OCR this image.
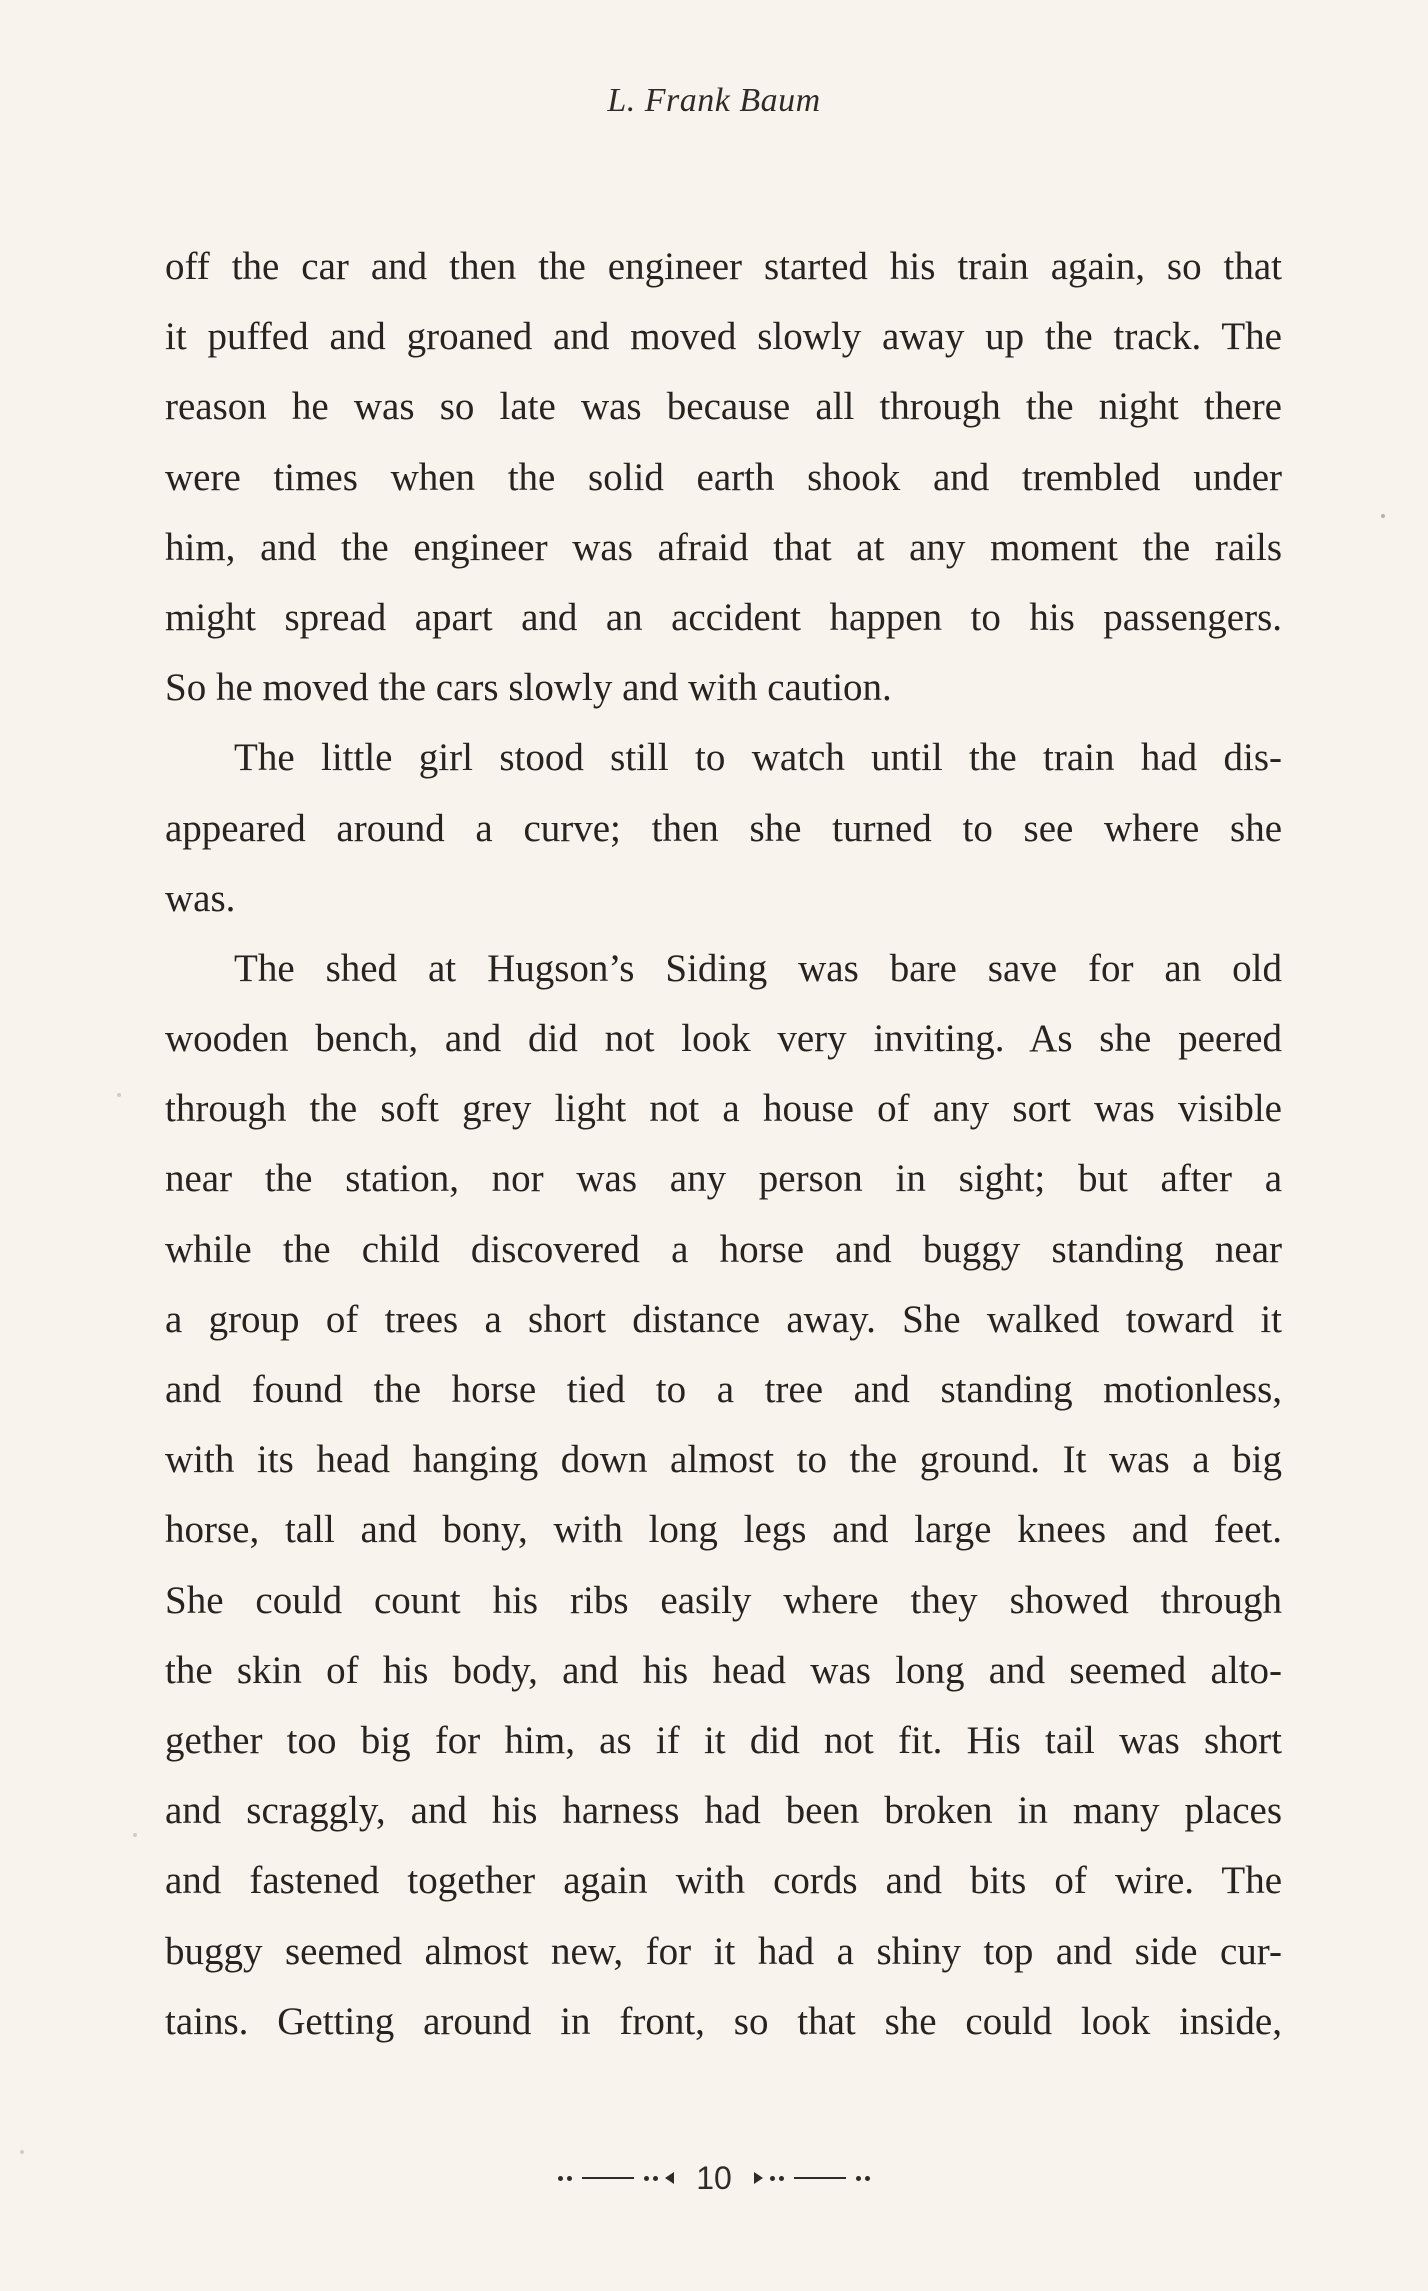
L. Frank Baum
off the car and then the engineer started his train again, so that
it puffed and groaned and moved slowly away up the track. The
reason he was so late was because all through the night there
were times when the solid earth shook and trembled under
him, and the engineer was afraid that at any moment the rails
might spread apart and an accident happen to his passengers.
So he moved the cars slowly and with caution.
The little girl stood still to watch until the train had dis-
appeared around a curve; then she turned to see where she
was.
The shed at Hugson’s Siding was bare save for an old
wooden bench, and did not look very inviting. As she peered
through the soft grey light not a house of any sort was visible
near the station, nor was any person in sight; but after a
while the child discovered a horse and buggy standing near
a group of trees a short distance away. She walked toward it
and found the horse tied to a tree and standing motionless,
with its head hanging down almost to the ground. It was a big
horse, tall and bony, with long legs and large knees and feet.
She could count his ribs easily where they showed through
the skin of his body, and his head was long and seemed alto-
gether too big for him, as if it did not fit. His tail was short
and scraggly, and his harness had been broken in many places
and fastened together again with cords and bits of wire. The
buggy seemed almost new, for it had a shiny top and side cur-
tains. Getting around in front, so that she could look inside,
10
